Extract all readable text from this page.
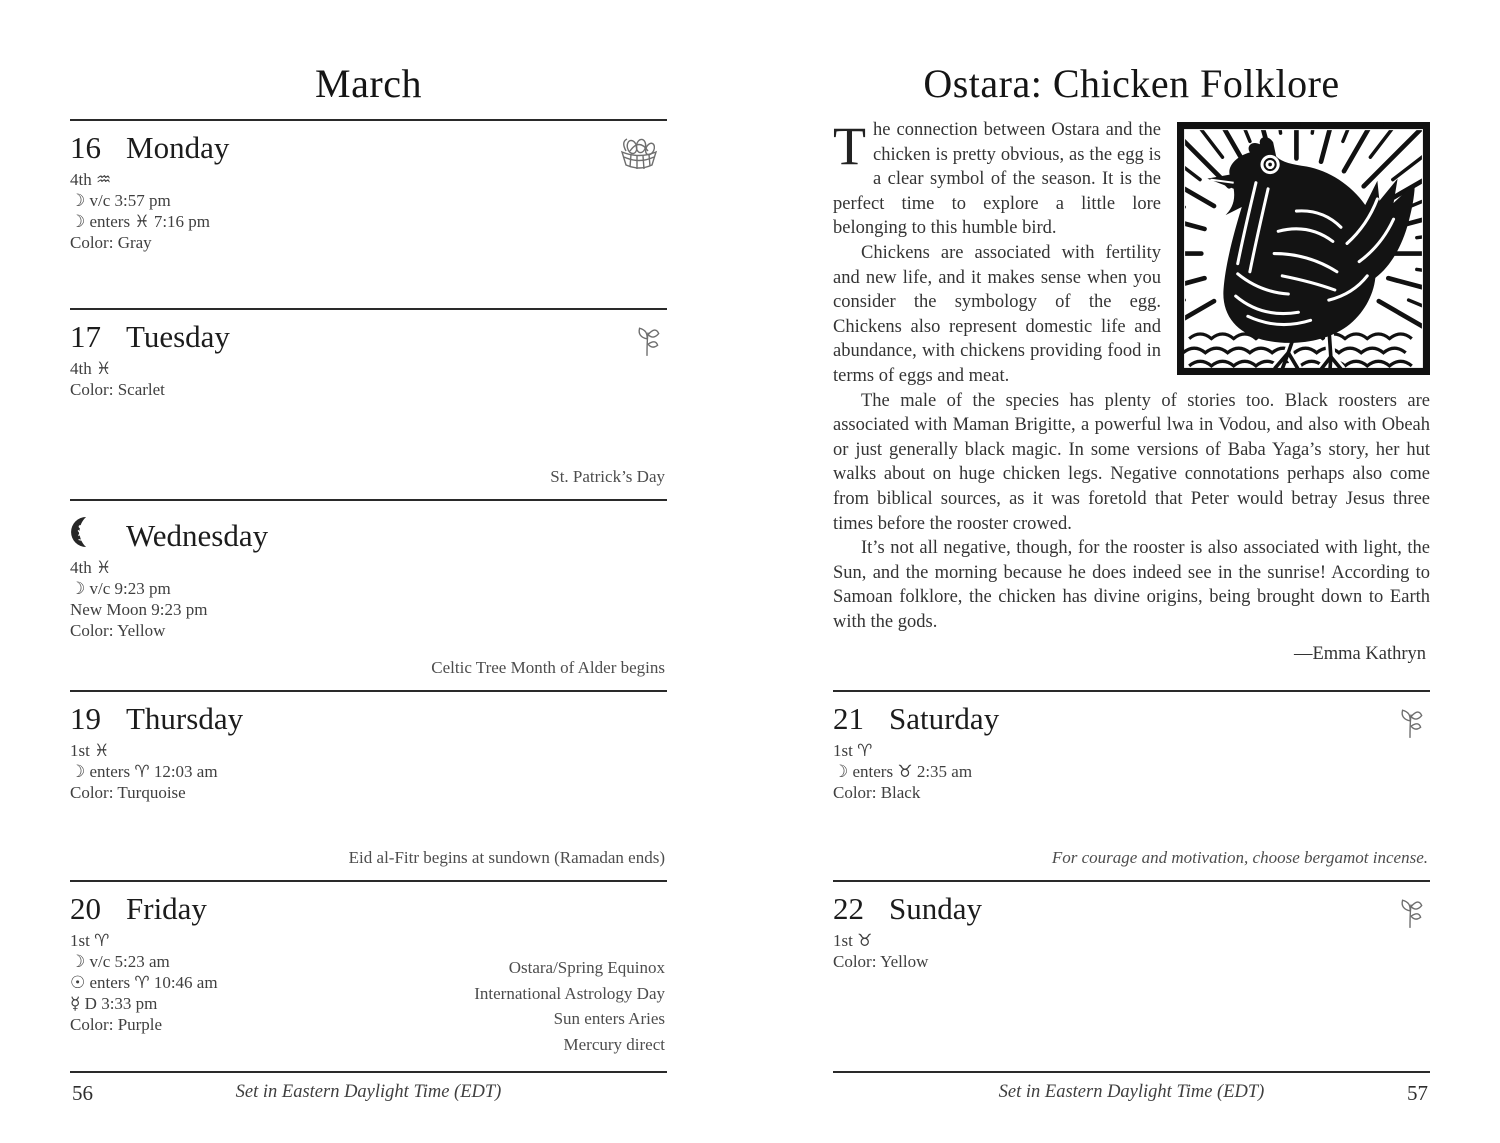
March
16 Monday
4th ♒
☽ v/c 3:57 pm
☽ enters ♓ 7:16 pm
Color: Gray
17 Tuesday
4th ♓
Color: Scarlet
St. Patrick’s Day
Wednesday
4th ♓
☽ v/c 9:23 pm
New Moon 9:23 pm
Color: Yellow
Celtic Tree Month of Alder begins
19 Thursday
1st ♓
☽ enters ♈ 12:03 am
Color: Turquoise
Eid al-Fitr begins at sundown (Ramadan ends)
20 Friday
1st ♈
☽ v/c 5:23 am
☉ enters ♈ 10:46 am
☿ D 3:33 pm
Color: Purple
Ostara/Spring Equinox
International Astrology Day
Sun enters Aries
Mercury direct
56	Set in Eastern Daylight Time (EDT)
Ostara: Chicken Folklore

The connection between Ostara and the chicken is pretty obvious, as the egg is a clear symbol of the season. It is the perfect time to explore a little lore belonging to this humble bird.

Chickens are associated with fertility and new life, and it makes sense when you consider the symbology of the egg. Chickens also represent domestic life and abundance, with chickens providing food in terms of eggs and meat.

The male of the species has plenty of stories too. Black roosters are associated with Maman Brigitte, a powerful lwa in Vodou, and also with Obeah or just generally black magic. In some versions of Baba Yaga’s story, her hut walks about on huge chicken legs. Negative connotations perhaps also come from biblical sources, as it was foretold that Peter would betray Jesus three times before the rooster crowed.

It’s not all negative, though, for the rooster is also associated with light, the Sun, and the morning because he does indeed see in the sunrise! According to Samoan folklore, the chicken has divine origins, being brought down to Earth with the gods.

—Emma Kathryn
21 Saturday
1st ♈
☽ enters ♉ 2:35 am
Color: Black
For courage and motivation, choose bergamot incense.
22 Sunday
1st ♉
Color: Yellow
Set in Eastern Daylight Time (EDT)	57
